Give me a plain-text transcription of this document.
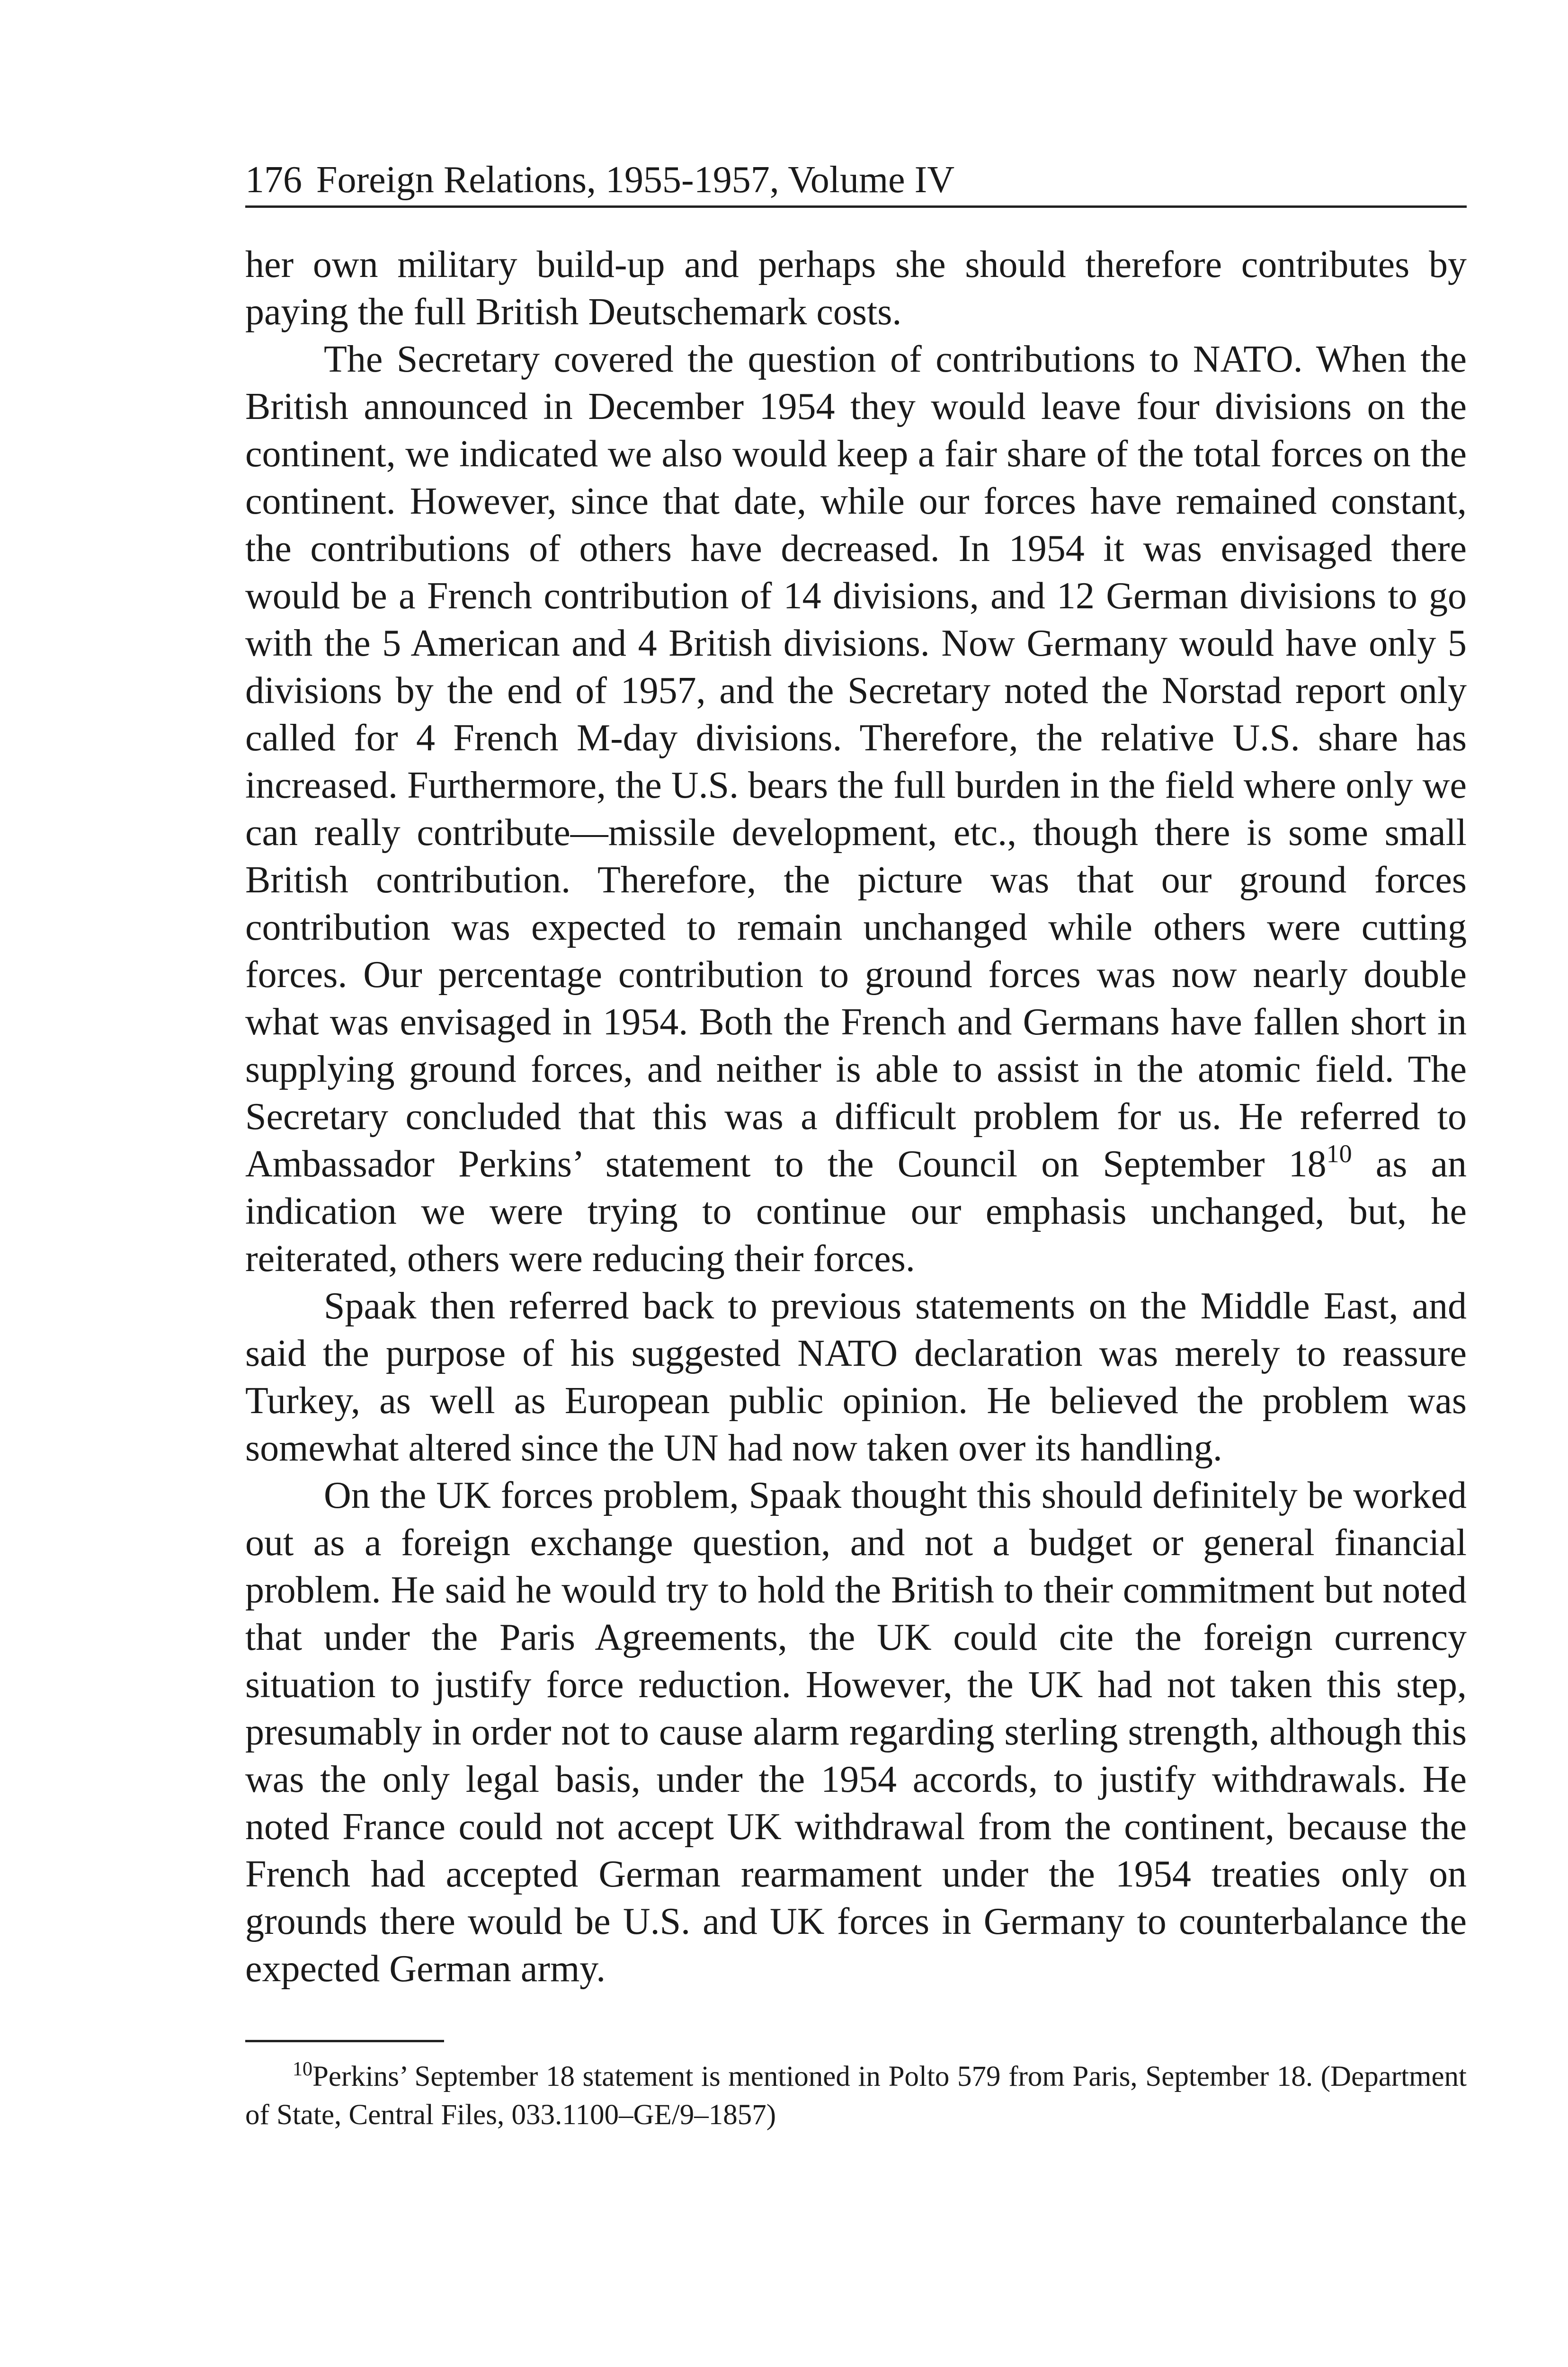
176 Foreign Relations, 1955-1957, Volume IV

her own military build-up and perhaps she should therefore contributes by paying the full British Deutschemark costs.

The Secretary covered the question of contributions to NATO. When the British announced in December 1954 they would leave four divisions on the continent, we indicated we also would keep a fair share of the total forces on the continent. However, since that date, while our forces have remained constant, the contributions of others have decreased. In 1954 it was envisaged there would be a French contribution of 14 divisions, and 12 German divisions to go with the 5 American and 4 British divisions. Now Germany would have only 5 divisions by the end of 1957, and the Secretary noted the Norstad report only called for 4 French M-day divisions. Therefore, the relative U.S. share has increased. Furthermore, the U.S. bears the full burden in the field where only we can really contribute—missile development, etc., though there is some small British contribution. Therefore, the picture was that our ground forces contribution was expected to remain unchanged while others were cutting forces. Our percentage contribution to ground forces was now nearly double what was envisaged in 1954. Both the French and Germans have fallen short in supplying ground forces, and neither is able to assist in the atomic field. The Secretary concluded that this was a difficult problem for us. He referred to Ambassador Perkins’ statement to the Council on September $18^{10}$ as an indication we were trying to continue our emphasis unchanged, but, he reiterated, others were reducing their forces.

Spaak then referred back to previous statements on the Middle East, and said the purpose of his suggested NATO declaration was merely to reassure Turkey, as well as European public opinion. He believed the problem was somewhat altered since the UN had now taken over its handling.

On the UK forces problem, Spaak thought this should definitely be worked out as a foreign exchange question, and not a budget or general financial problem. He said he would try to hold the British to their commitment but noted that under the Paris Agreements, the UK could cite the foreign currency situation to justify force reduction. However, the UK had not taken this step, presumably in order not to cause alarm regarding sterling strength, although this was the only legal basis, under the 1954 accords, to justify withdrawals. He noted France could not accept UK withdrawal from the continent, because the French had accepted German rearmament under the 1954 treaties only on grounds there would be U.S. and UK forces in Germany to counterbalance the expected German army.

$^{10}$Perkins’ September 18 statement is mentioned in Polto 579 from Paris, September 18. (Department of State, Central Files, 033.1100–GE/9–1857)
